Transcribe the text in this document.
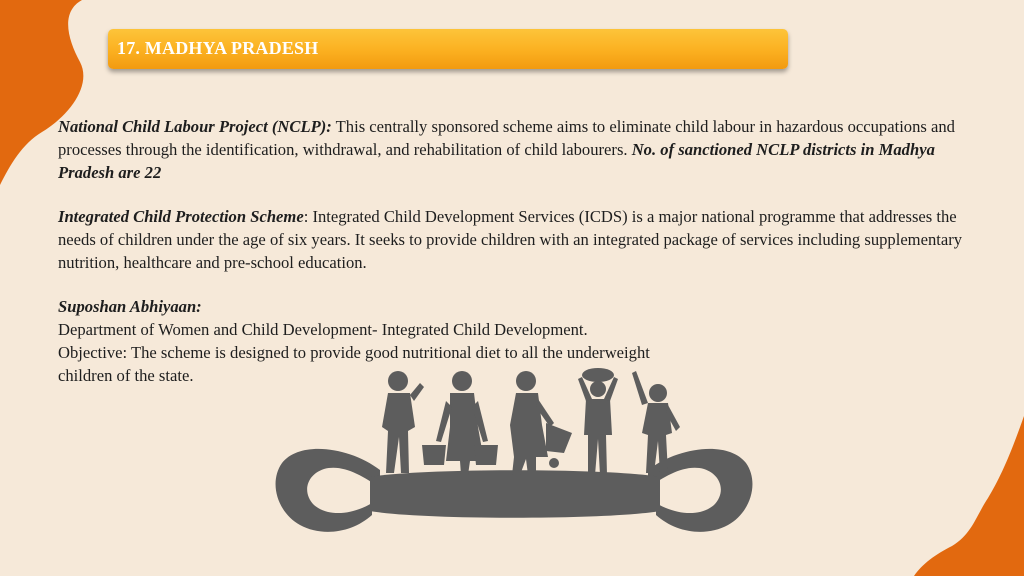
17. MADHYA PRADESH

National Child Labour Project (NCLP): This centrally sponsored scheme aims to eliminate child labour in hazardous occupations and processes through the identification, withdrawal, and rehabilitation of child labourers. No. of sanctioned NCLP districts in Madhya Pradesh are 22

Integrated Child Protection Scheme: Integrated Child Development Services (ICDS) is a major national programme that addresses the needs of children under the age of six years. It seeks to provide children with an integrated package of services including supplementary nutrition, healthcare and pre-school education.

Suposhan Abhiyaan:
Department of Women and Child Development- Integrated Child Development.
Objective: The scheme is designed to provide good nutritional diet to all the underweight
children of the state.
